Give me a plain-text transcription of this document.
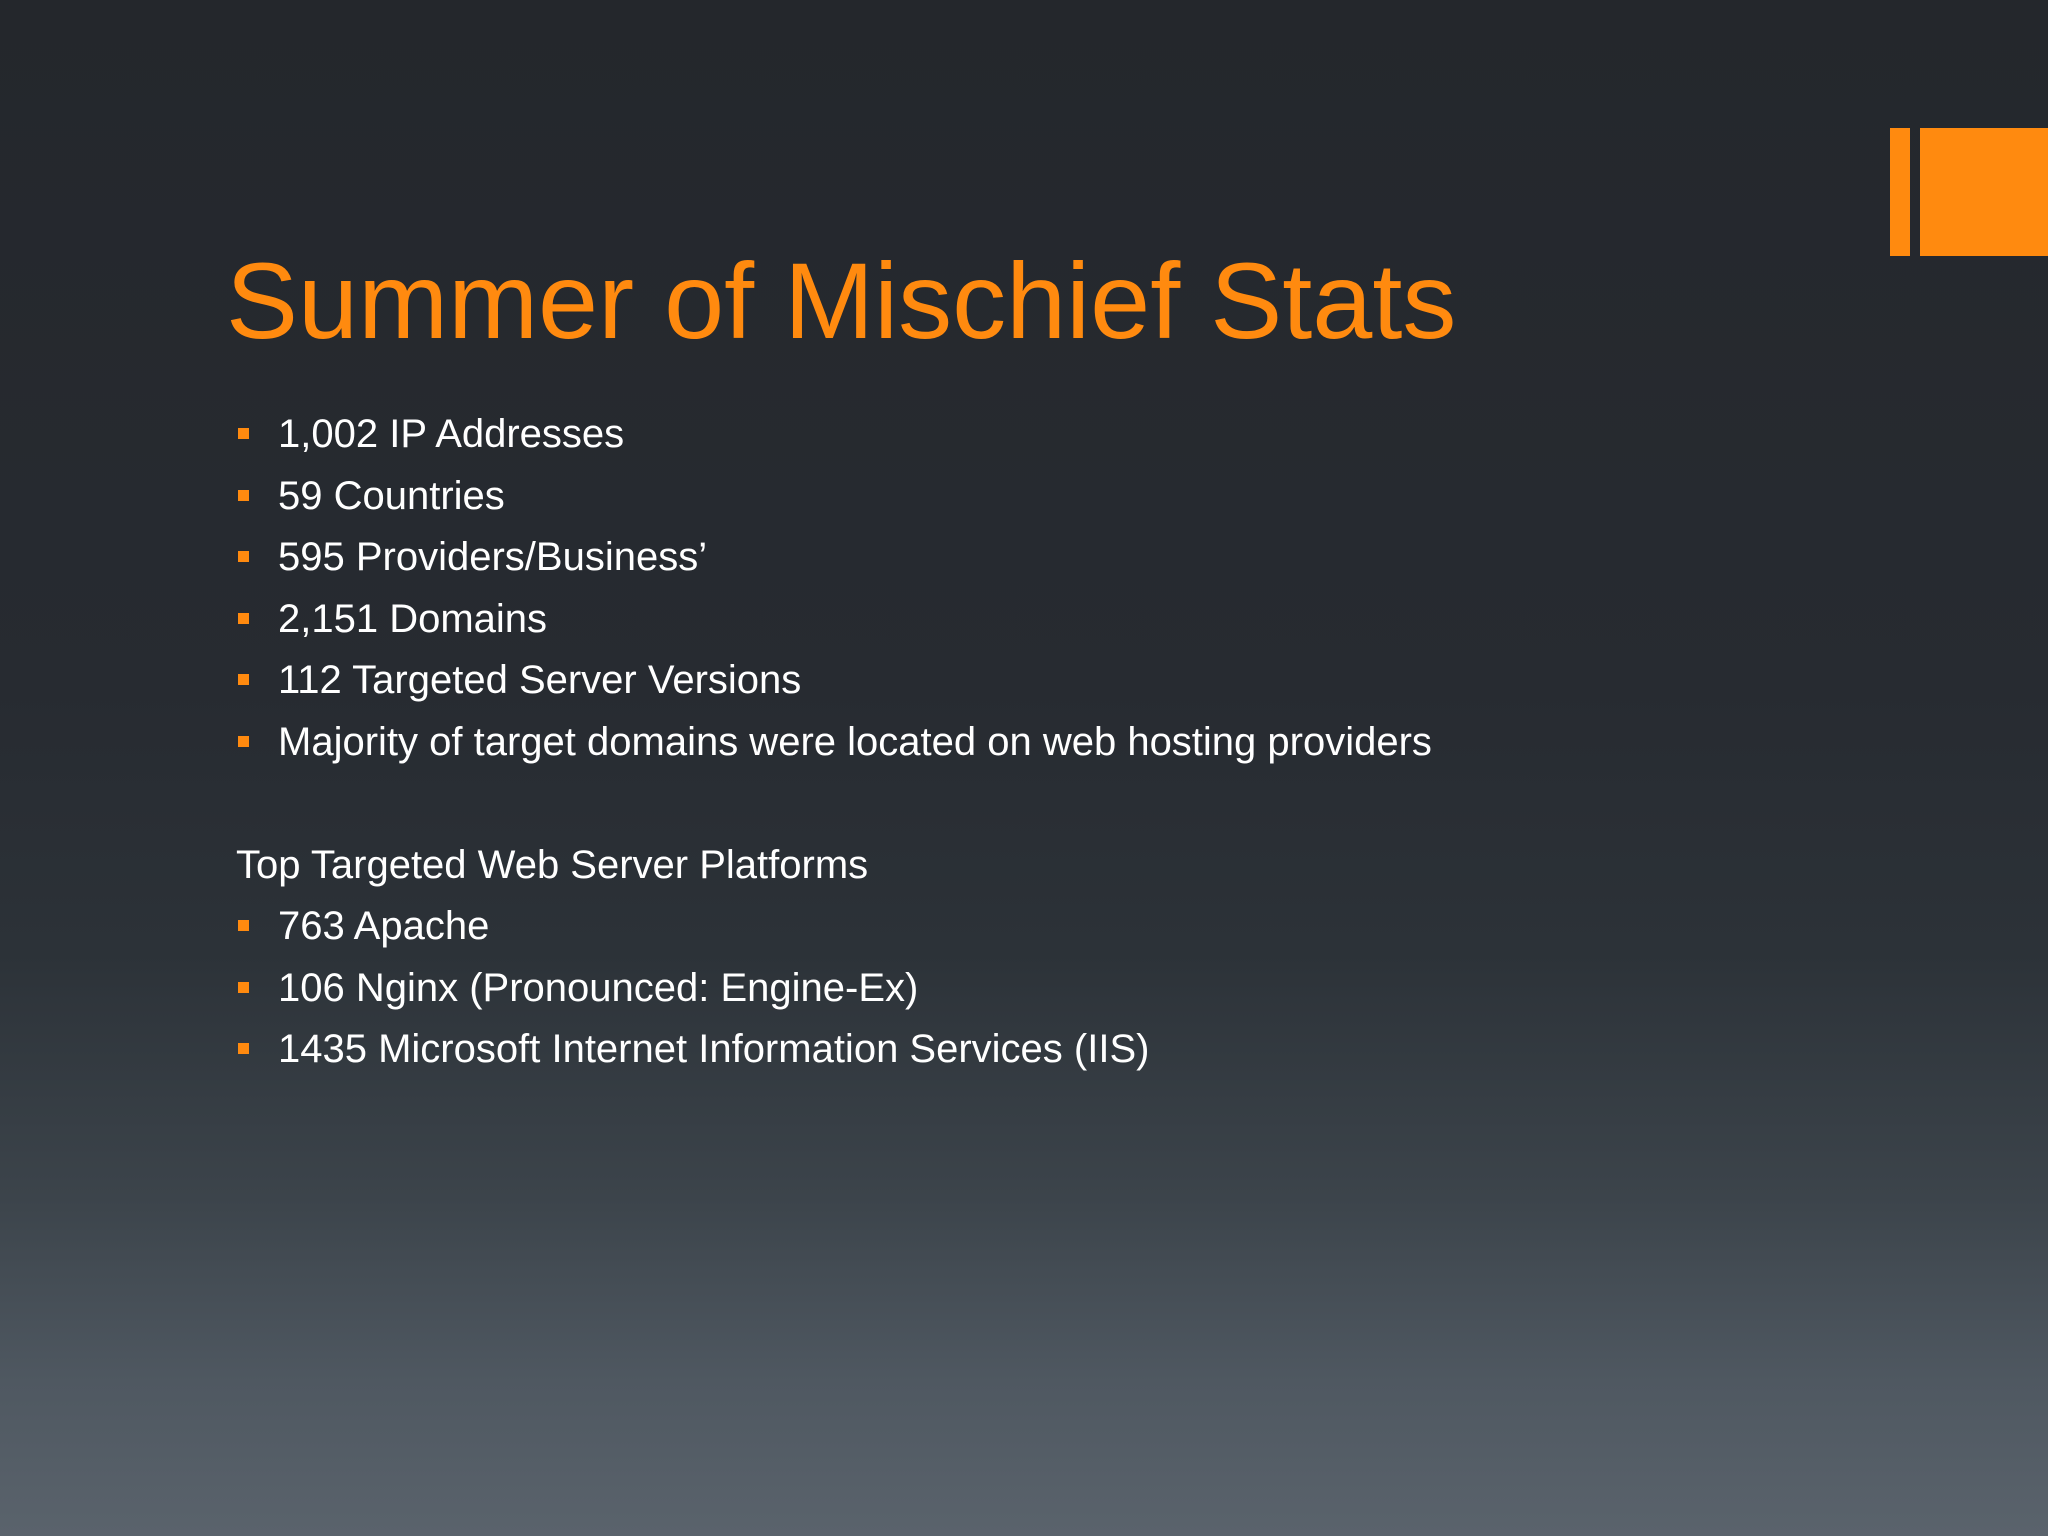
Summer of Mischief Stats
1,002 IP Addresses
59 Countries
595 Providers/Business’
2,151 Domains
112 Targeted Server Versions
Majority of target domains were located on web hosting providers
Top Targeted Web Server Platforms
763 Apache
106 Nginx (Pronounced: Engine-Ex)
1435 Microsoft Internet Information Services (IIS)
